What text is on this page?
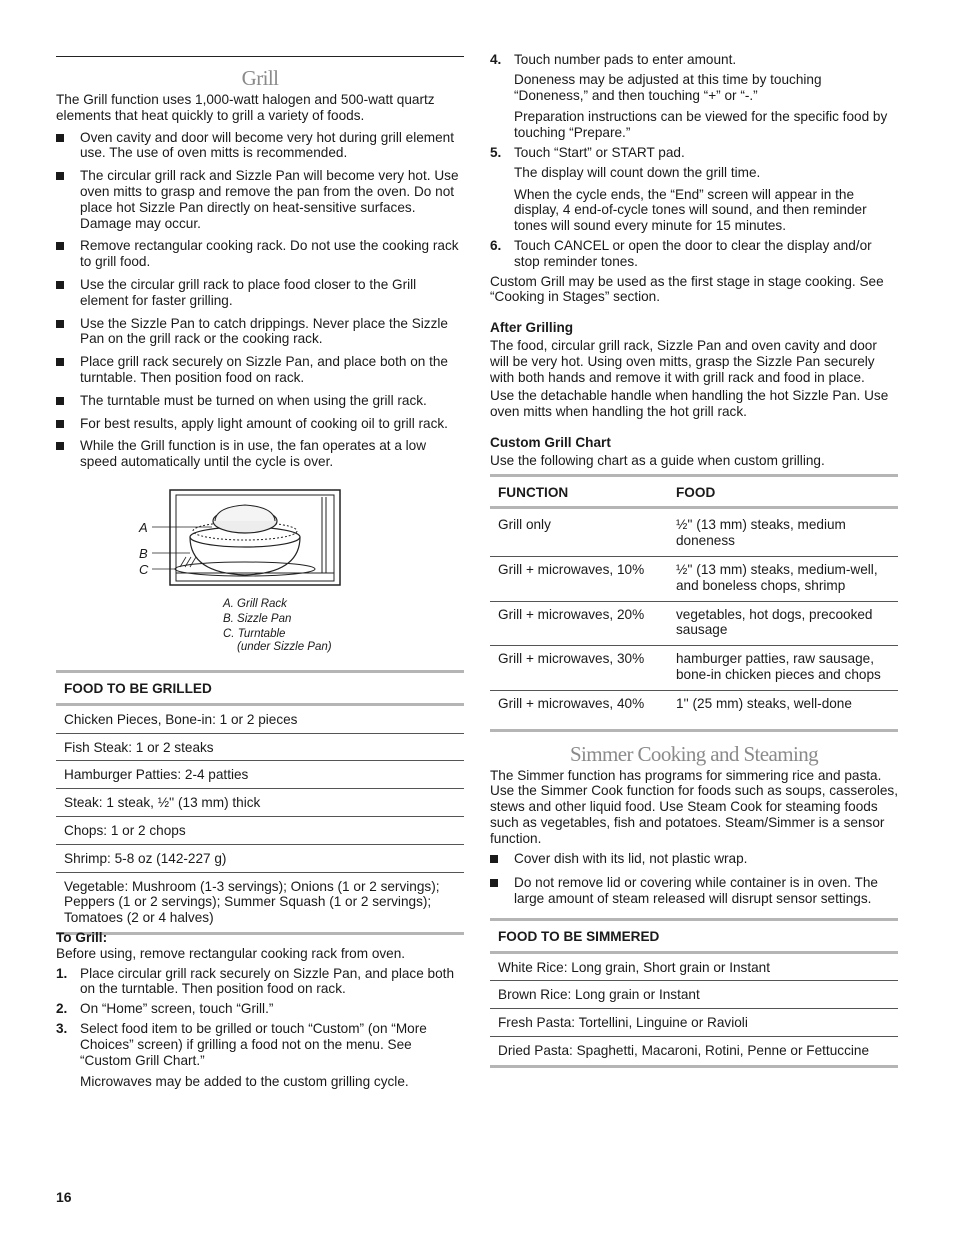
Grill

The Grill function uses 1,000-watt halogen and 500-watt quartz elements that heat quickly to grill a variety of foods.

Oven cavity and door will become very hot during grill element use. The use of oven mitts is recommended.
The circular grill rack and Sizzle Pan will become very hot. Use oven mitts to grasp and remove the pan from the oven. Do not place hot Sizzle Pan directly on heat-sensitive surfaces. Damage may occur.
Remove rectangular cooking rack. Do not use the cooking rack to grill food.
Use the circular grill rack to place food closer to the Grill element for faster grilling.
Use the Sizzle Pan to catch drippings. Never place the Sizzle Pan on the grill rack or the cooking rack.
Place grill rack securely on Sizzle Pan, and place both on the turntable. Then position food on rack.
The turntable must be turned on when using the grill rack.
For best results, apply light amount of cooking oil to grill rack.
While the Grill function is in use, the fan operates at a low speed automatically until the cycle is over.
A
B
C
A. Grill Rack
B. Sizzle Pan
C. Turntable
(under Sizzle Pan)
FOOD TO BE GRILLED
Chicken Pieces, Bone-in: 1 or 2 pieces
Fish Steak: 1 or 2 steaks
Hamburger Patties: 2-4 patties
Steak: 1 steak, ½'' (13 mm) thick
Chops: 1 or 2 chops
Shrimp: 5-8 oz (142-227 g)
Vegetable: Mushroom (1-3 servings); Onions (1 or 2 servings); Peppers (1 or 2 servings); Summer Squash (1 or 2 servings); Tomatoes (2 or 4 halves)
To Grill:

Before using, remove rectangular cooking rack from oven.

1. Place circular grill rack securely on Sizzle Pan, and place both on the turntable. Then position food on rack.
2. On “Home” screen, touch “Grill.”
3. Select food item to be grilled or touch “Custom” (on “More Choices” screen) if grilling a food not on the menu. See “Custom Grill Chart.”
Microwaves may be added to the custom grilling cycle.
4. Touch number pads to enter amount.
Doneness may be adjusted at this time by touching “Doneness,” and then touching “+” or “-.”
Preparation instructions can be viewed for the specific food by touching “Prepare.”
5. Touch “Start” or START pad.
The display will count down the grill time.
When the cycle ends, the “End” screen will appear in the display, 4 end-of-cycle tones will sound, and then reminder tones will sound every minute for 15 minutes.
6. Touch CANCEL or open the door to clear the display and/or stop reminder tones.

Custom Grill may be used as the first stage in stage cooking. See “Cooking in Stages” section.

After Grilling

The food, circular grill rack, Sizzle Pan and oven cavity and door will be very hot. Using oven mitts, grasp the Sizzle Pan securely with both hands and remove it with grill rack and food in place.

Use the detachable handle when handling the hot Sizzle Pan. Use oven mitts when handling the hot grill rack.

Custom Grill Chart

Use the following chart as a guide when custom grilling.

FUNCTION	FOOD
Grill only	½'' (13 mm) steaks, medium doneness
Grill + microwaves, 10%	½'' (13 mm) steaks, medium-well, and boneless chops, shrimp
Grill + microwaves, 20%	vegetables, hot dogs, precooked sausage
Grill + microwaves, 30%	hamburger patties, raw sausage, bone-in chicken pieces and chops
Grill + microwaves, 40%	1'' (25 mm) steaks, well-done
Simmer Cooking and Steaming

The Simmer function has programs for simmering rice and pasta. Use the Simmer Cook function for foods such as soups, casseroles, stews and other liquid food. Use Steam Cook for steaming foods such as vegetables, fish and potatoes. Steam/Simmer is a sensor function.

Cover dish with its lid, not plastic wrap.
Do not remove lid or covering while container is in oven. The large amount of steam released will disrupt sensor settings.
FOOD TO BE SIMMERED
White Rice: Long grain, Short grain or Instant
Brown Rice: Long grain or Instant
Fresh Pasta: Tortellini, Linguine or Ravioli
Dried Pasta: Spaghetti, Macaroni, Rotini, Penne or Fettuccine
16
